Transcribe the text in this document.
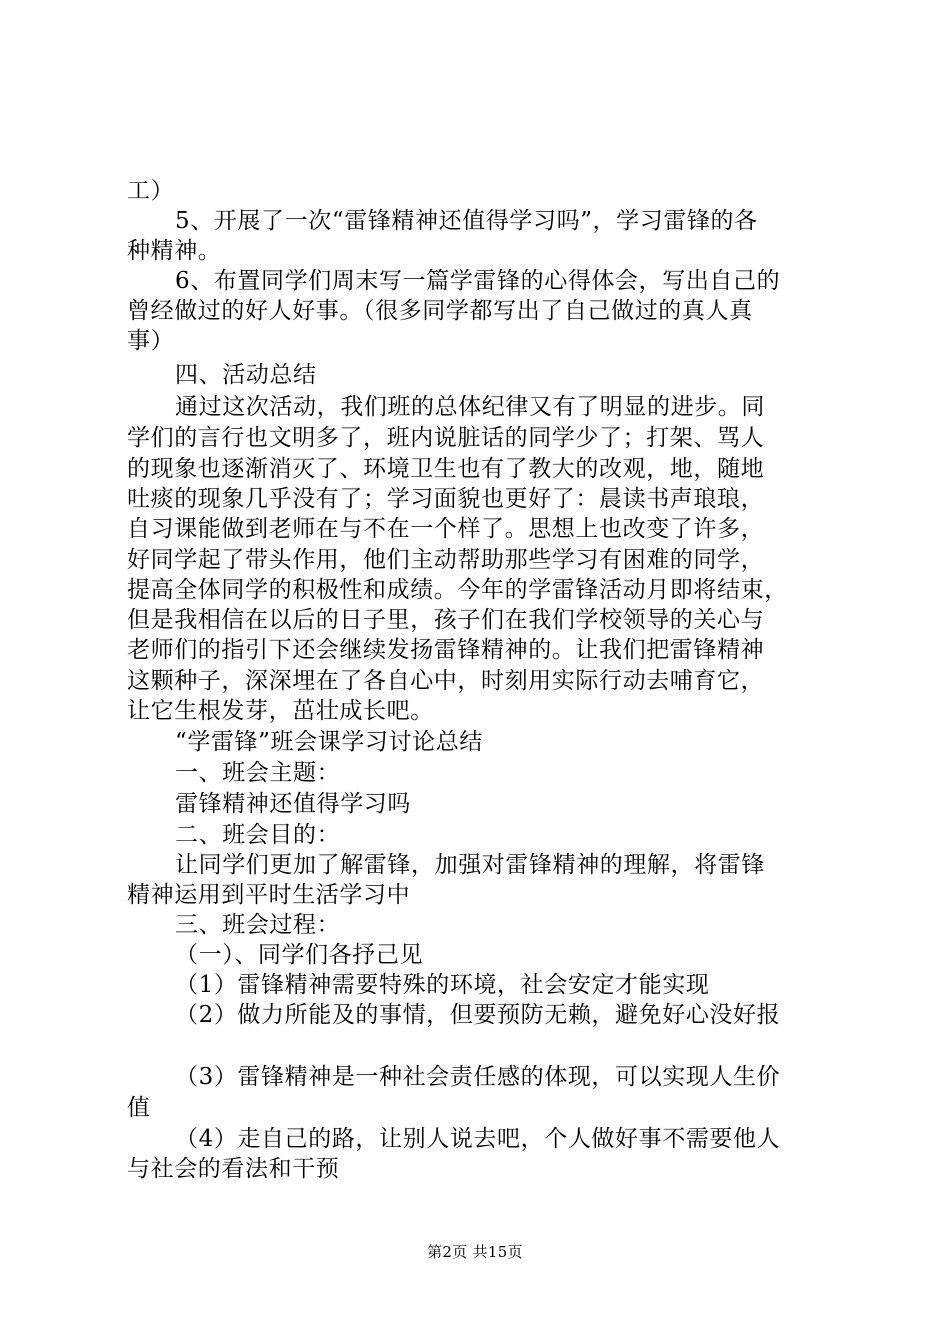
工）
5、开展了一次“雷锋精神还值得学习吗”，学习雷锋的各
种精神。
6、布置同学们周末写一篇学雷锋的心得体会，写出自己的
曾经做过的好人好事。（很多同学都写出了自己做过的真人真
事）
四、活动总结
通过这次活动，我们班的总体纪律又有了明显的进步。同
学们的言行也文明多了，班内说脏话的同学少了；打架、骂人
的现象也逐渐消灭了、环境卫生也有了教大的改观，地，随地
吐痰的现象几乎没有了；学习面貌也更好了：晨读书声琅琅，
自习课能做到老师在与不在一个样了。思想上也改变了许多，
好同学起了带头作用，他们主动帮助那些学习有困难的同学，
提高全体同学的积极性和成绩。今年的学雷锋活动月即将结束，
但是我相信在以后的日子里，孩子们在我们学校领导的关心与
老师们的指引下还会继续发扬雷锋精神的。让我们把雷锋精神
这颗种子，深深埋在了各自心中，时刻用实际行动去哺育它，
让它生根发芽，茁壮成长吧。
“学雷锋”班会课学习讨论总结
一、班会主题：
雷锋精神还值得学习吗
二、班会目的：
让同学们更加了解雷锋，加强对雷锋精神的理解，将雷锋
精神运用到平时生活学习中
三、班会过程：
（一）、同学们各抒己见
（1）雷锋精神需要特殊的环境，社会安定才能实现
（2）做力所能及的事情，但要预防无赖，避免好心没好报
（3）雷锋精神是一种社会责任感的体现，可以实现人生价
值
（4）走自己的路，让别人说去吧，个人做好事不需要他人
与社会的看法和干预
第2页 共15页
